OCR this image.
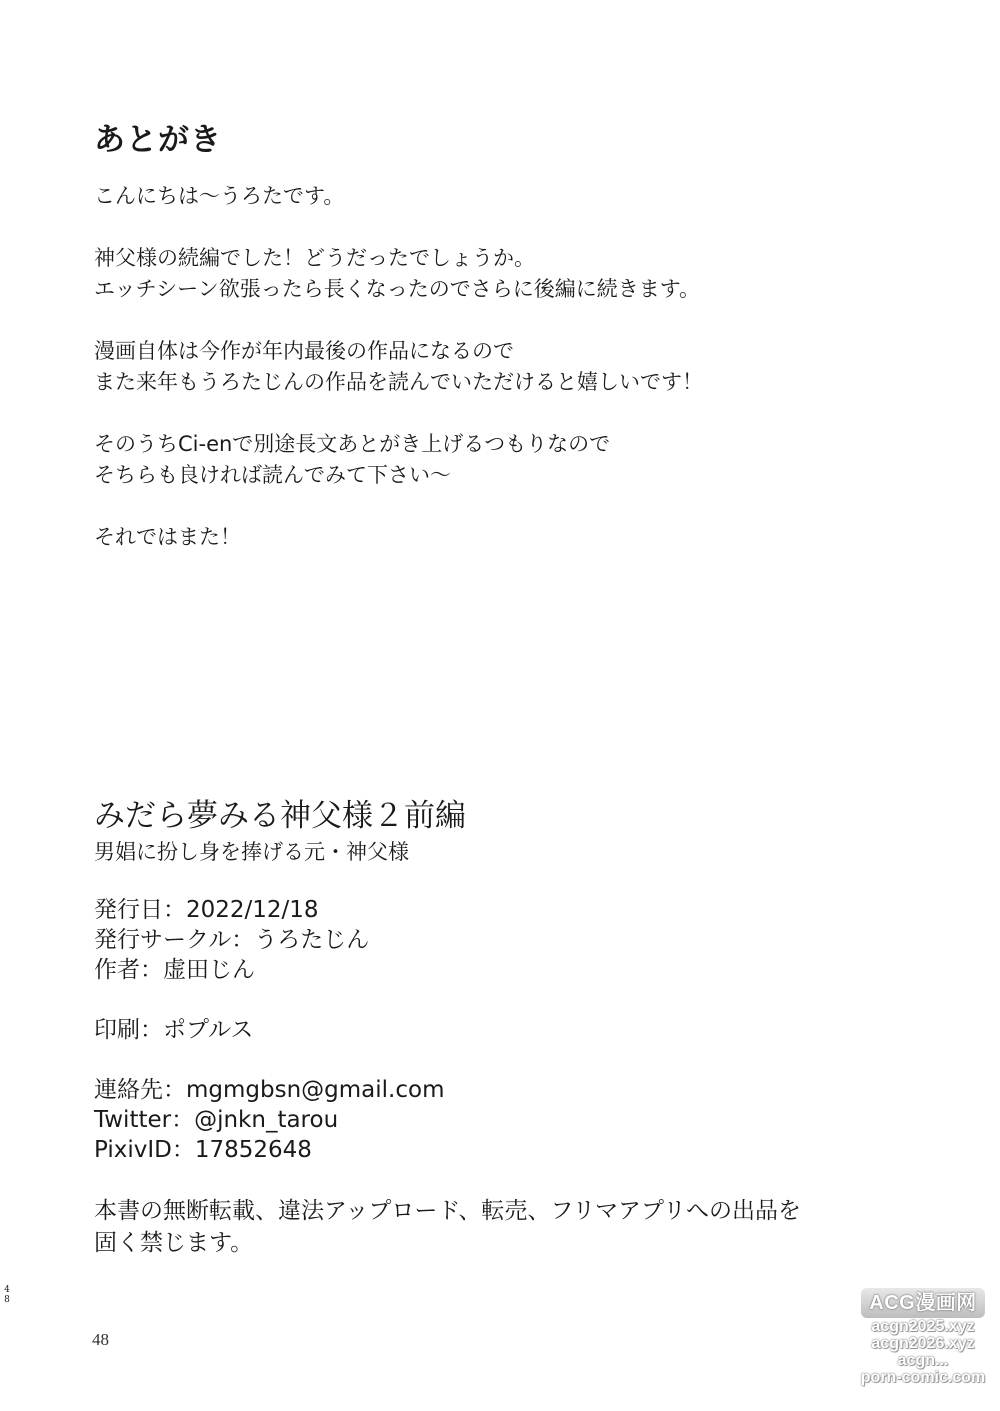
あとがき

こんにちは〜うろたです。

神父様の続編でした！どうだったでしょうか。
エッチシーン欲張ったら長くなったのでさらに後編に続きます。

漫画自体は今作が年内最後の作品になるので
また来年もうろたじんの作品を読んでいただけると嬉しいです！

そのうちCi-enで別途長文あとがき上げるつもりなので
そちらも良ければ読んでみて下さい〜

それではまた！

みだら夢みる神父様２前編
男娼に扮し身を捧げる元・神父様
発行日：2022/12/18
発行サークル：うろたじん
作者：虚田じん
印刷：ポプルス
連絡先：mgmgbsn@gmail.com
Twitter：@jnkn_tarou
PixivID：17852648
本書の無断転載、違法アップロード、転売、フリマアプリへの出品を
固く禁じます。
48
48
ACG漫画网
acgn2025.xyz
acgn2026.xyz
acgn...
porn-comic.com
